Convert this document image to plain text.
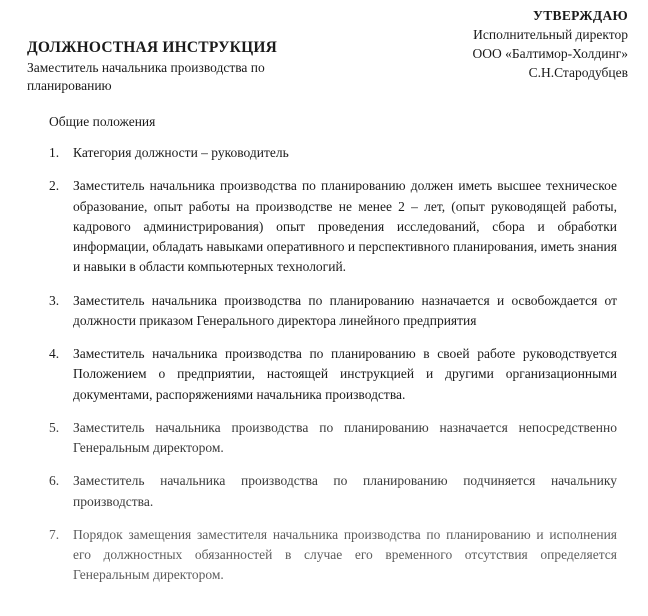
УТВЕРЖДАЮ
Исполнительный директор
ООО «Балтимор-Холдинг»
С.Н.Стародубцев
ДОЛЖНОСТНАЯ ИНСТРУКЦИЯ
Заместитель начальника производства по планированию
Общие положения
1.	Категория должности – руководитель
2.	Заместитель начальника производства по планированию должен иметь высшее техническое образование, опыт работы на производстве не менее 2 – лет, (опыт руководящей работы, кадрового администрирования) опыт проведения исследований, сбора и обработки информации, обладать навыками оперативного и перспективного планирования, иметь знания и навыки в области компьютерных технологий.
3.	Заместитель начальника производства по планированию назначается и освобождается от должности приказом Генерального директора линейного предприятия
4.	Заместитель начальника производства по планированию в своей работе руководствуется Положением о предприятии, настоящей инструкцией и другими организационными документами, распоряжениями начальника производства.
5.	Заместитель начальника производства по планированию назначается непосредственно Генеральным директором.
6.	Заместитель начальника производства по планированию подчиняется начальнику производства.
7.	Порядок замещения заместителя начальника производства по планированию и исполнения его должностных обязанностей в случае его временного отсутствия определяется Генеральным директором.
